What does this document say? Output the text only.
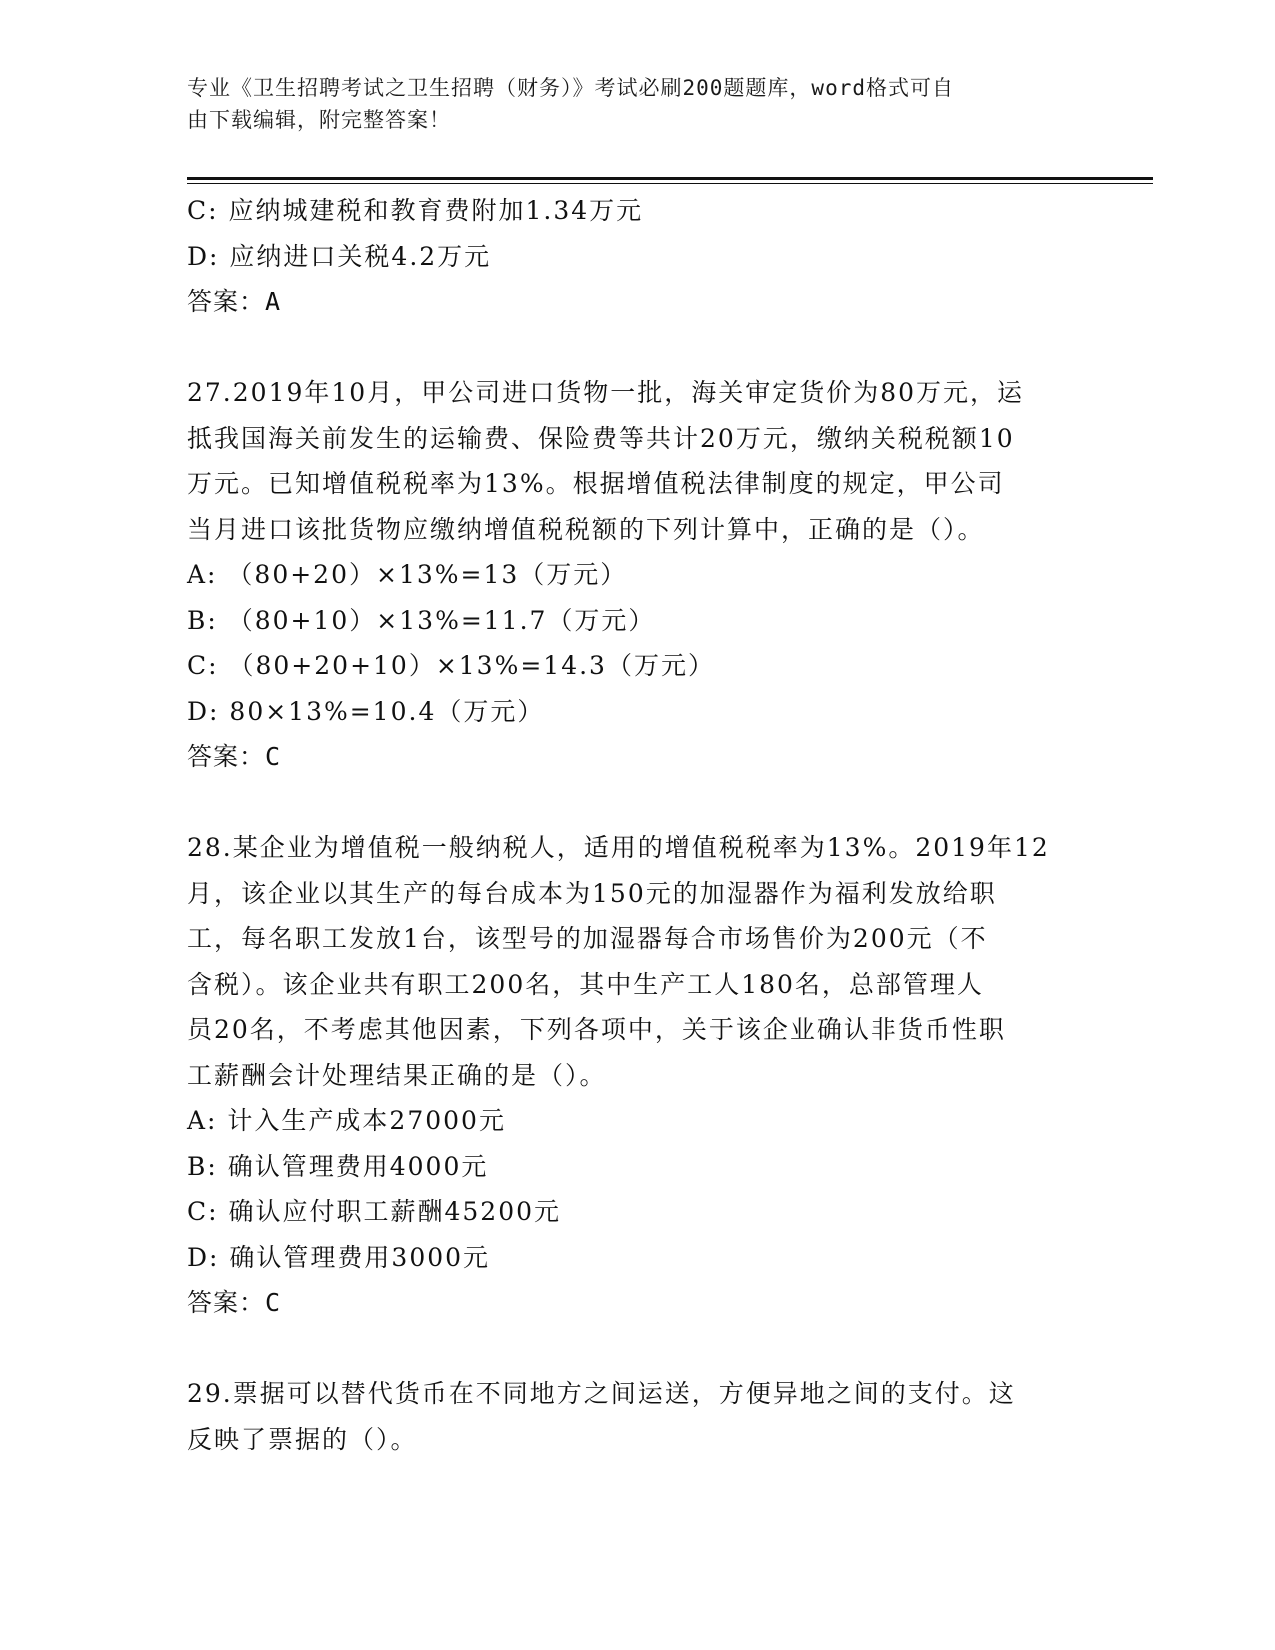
专业《卫生招聘考试之卫生招聘（财务）》考试必刷200题题库，word格式可自
由下载编辑，附完整答案！

C: 应纳城建税和教育费附加1.34万元

D: 应纳进口关税4.2万元

答案：A

27.2019年10月，甲公司进口货物一批，海关审定货价为80万元，运

抵我国海关前发生的运输费、保险费等共计20万元，缴纳关税税额10

万元。已知增值税税率为13%。根据增值税法律制度的规定，甲公司

当月进口该批货物应缴纳增值税税额的下列计算中，正确的是（）。

A: （80+20）×13%=13（万元）

B: （80+10）×13%=11.7（万元）

C: （80+20+10）×13%=14.3（万元）

D: 80×13%=10.4（万元）

答案：C

28.某企业为增值税一般纳税人，适用的增值税税率为13%。2019年12

月，该企业以其生产的每台成本为150元的加湿器作为福利发放给职

工，每名职工发放1台，该型号的加湿器每合市场售价为200元（不

含税）。该企业共有职工200名，其中生产工人180名，总部管理人

员20名，不考虑其他因素，下列各项中，关于该企业确认非货币性职

工薪酬会计处理结果正确的是（）。

A: 计入生产成本27000元

B: 确认管理费用4000元

C: 确认应付职工薪酬45200元

D: 确认管理费用3000元

答案：C

29.票据可以替代货币在不同地方之间运送，方便异地之间的支付。这

反映了票据的（）。
